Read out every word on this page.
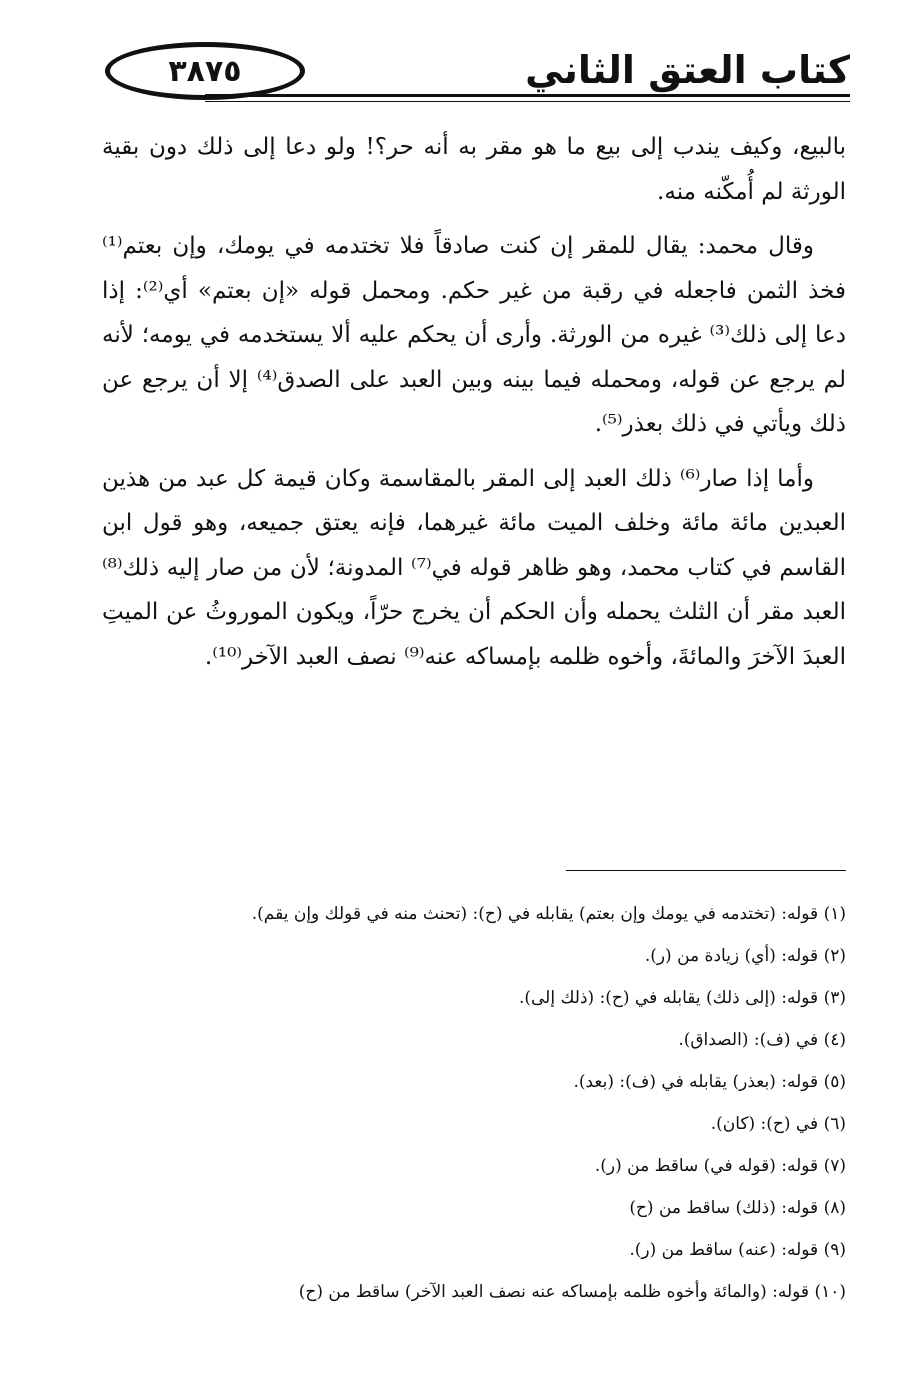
٣٨٧٥	كتاب العتق الثاني

بالبيع، وكيف يندب إلى بيع ما هو مقر به أنه حر؟! ولو دعا إلى ذلك دون بقية الورثة لم أُمكّنه منه.

وقال محمد: يقال للمقر إن كنت صادقاً فلا تختدمه في يومك، وإن بعتم⁽¹⁾ فخذ الثمن فاجعله في رقبة من غير حكم. ومحمل قوله «إن بعتم» أي⁽²⁾: إذا دعا إلى ذلك⁽³⁾ غيره من الورثة. وأرى أن يحكم عليه ألا يستخدمه في يومه؛ لأنه لم يرجع عن قوله، ومحمله فيما بينه وبين العبد على الصدق⁽⁴⁾ إلا أن يرجع عن ذلك ويأتي في ذلك بعذر⁽⁵⁾.

وأما إذا صار⁽⁶⁾ ذلك العبد إلى المقر بالمقاسمة وكان قيمة كل عبد من هذين العبدين مائة مائة وخلف الميت مائة غيرهما، فإنه يعتق جميعه، وهو قول ابن القاسم في كتاب محمد، وهو ظاهر قوله في⁽⁷⁾ المدونة؛ لأن من صار إليه ذلك⁽⁸⁾ العبد مقر أن الثلث يحمله وأن الحكم أن يخرج حرّاً، ويكون الموروثُ عن الميتِ العبدَ الآخرَ والمائةَ، وأخوه ظلمه بإمساكه عنه⁽⁹⁾ نصف العبد الآخر⁽¹⁰⁾.

(١) قوله: (تختدمه في يومك وإن بعتم) يقابله في (ح): (تحنث منه في قولك وإن يقم).
(٢) قوله: (أي) زيادة من (ر).
(٣) قوله: (إلى ذلك) يقابله في (ح): (ذلك إلى).
(٤) في (ف): (الصداق).
(٥) قوله: (بعذر) يقابله في (ف): (بعد).
(٦) في (ح): (كان).
(٧) قوله: (قوله في) ساقط من (ر).
(٨) قوله: (ذلك) ساقط من (ح)
(٩) قوله: (عنه) ساقط من (ر).
(١٠) قوله: (والمائة وأخوه ظلمه بإمساكه عنه نصف العبد الآخر) ساقط من (ح)
